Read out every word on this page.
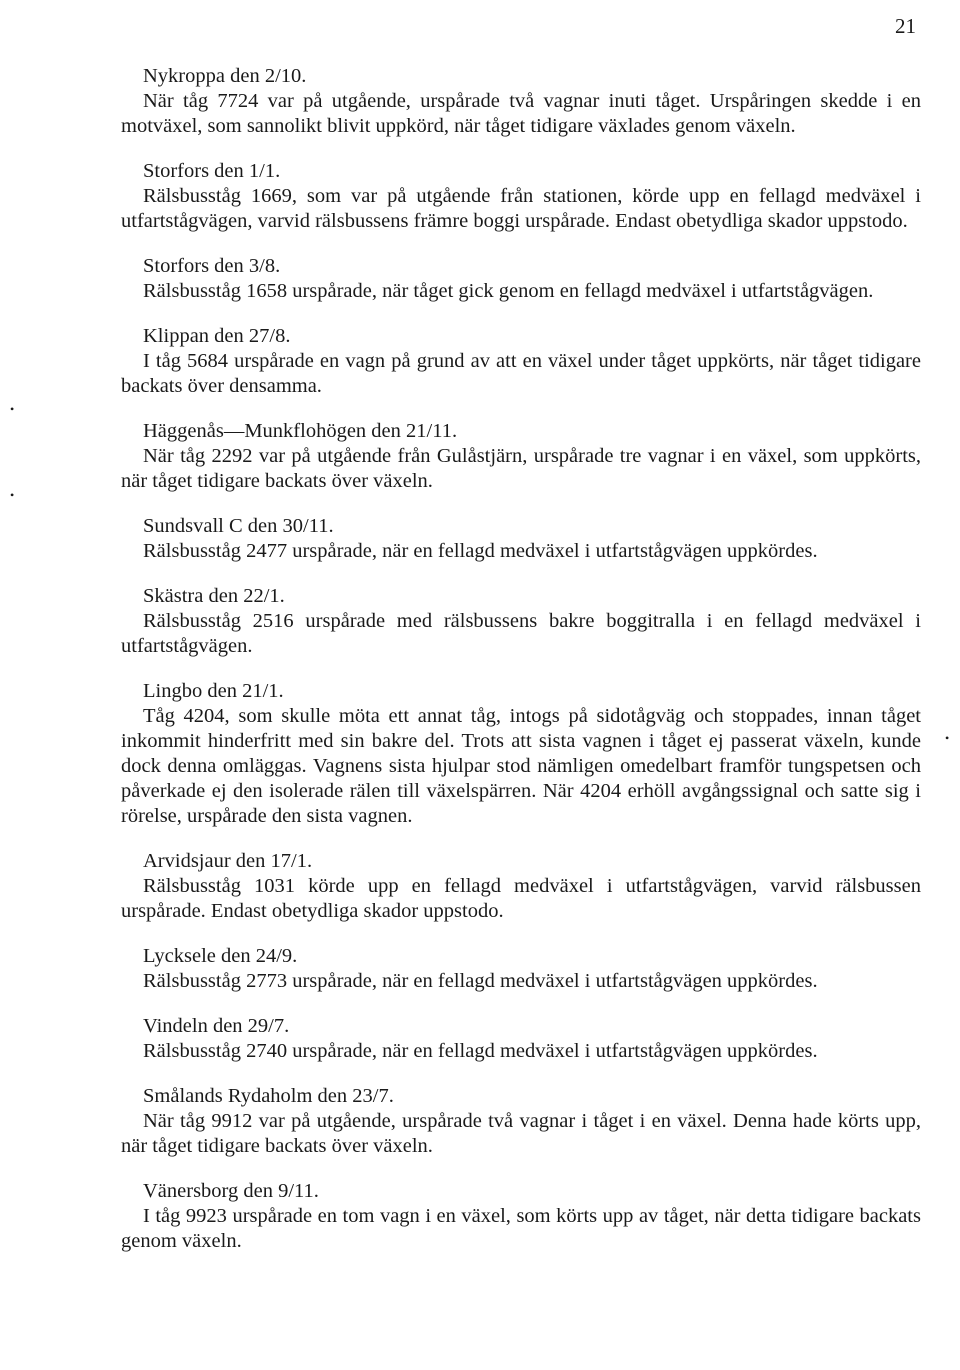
21
•
•
•

Nykroppa den 2/10.
När tåg 7724 var på utgående, urspårade två vagnar inuti tåget. Urspåringen skedde i en motväxel, som sannolikt blivit uppkörd, när tåget tidigare växlades genom växeln.

Storfors den 1/1.
Rälsbusståg 1669, som var på utgående från stationen, körde upp en fellagd medväxel i utfartstågvägen, varvid rälsbussens främre boggi urspårade. Endast obetydliga skador uppstodo.

Storfors den 3/8.
Rälsbusståg 1658 urspårade, när tåget gick genom en fellagd medväxel i utfartstågvägen.

Klippan den 27/8.
I tåg 5684 urspårade en vagn på grund av att en växel under tåget uppkörts, när tåget tidigare backats över densamma.

Häggenås—Munkflohögen den 21/11.
När tåg 2292 var på utgående från Gulåstjärn, urspårade tre vagnar i en växel, som uppkörts, när tåget tidigare backats över växeln.

Sundsvall C den 30/11.
Rälsbusståg 2477 urspårade, när en fellagd medväxel i utfartstågvägen uppkördes.

Skästra den 22/1.
Rälsbusståg 2516 urspårade med rälsbussens bakre boggitralla i en fellagd medväxel i utfartstågvägen.

Lingbo den 21/1.
Tåg 4204, som skulle möta ett annat tåg, intogs på sidotågväg och stoppades, innan tåget inkommit hinderfritt med sin bakre del. Trots att sista vagnen i tåget ej passerat växeln, kunde dock denna omläggas. Vagnens sista hjulpar stod nämligen omedelbart framför tungspetsen och påverkade ej den isolerade rälen till växelspärren. När 4204 erhöll avgångssignal och satte sig i rörelse, urspårade den sista vagnen.

Arvidsjaur den 17/1.
Rälsbusståg 1031 körde upp en fellagd medväxel i utfartstågvägen, varvid rälsbussen urspårade. Endast obetydliga skador uppstodo.

Lycksele den 24/9.
Rälsbusståg 2773 urspårade, när en fellagd medväxel i utfartstågvägen uppkördes.

Vindeln den 29/7.
Rälsbusståg 2740 urspårade, när en fellagd medväxel i utfartstågvägen uppkördes.

Smålands Rydaholm den 23/7.
När tåg 9912 var på utgående, urspårade två vagnar i tåget i en växel. Denna hade körts upp, när tåget tidigare backats över växeln.

Vänersborg den 9/11.
I tåg 9923 urspårade en tom vagn i en växel, som körts upp av tåget, när detta tidigare backats genom växeln.
